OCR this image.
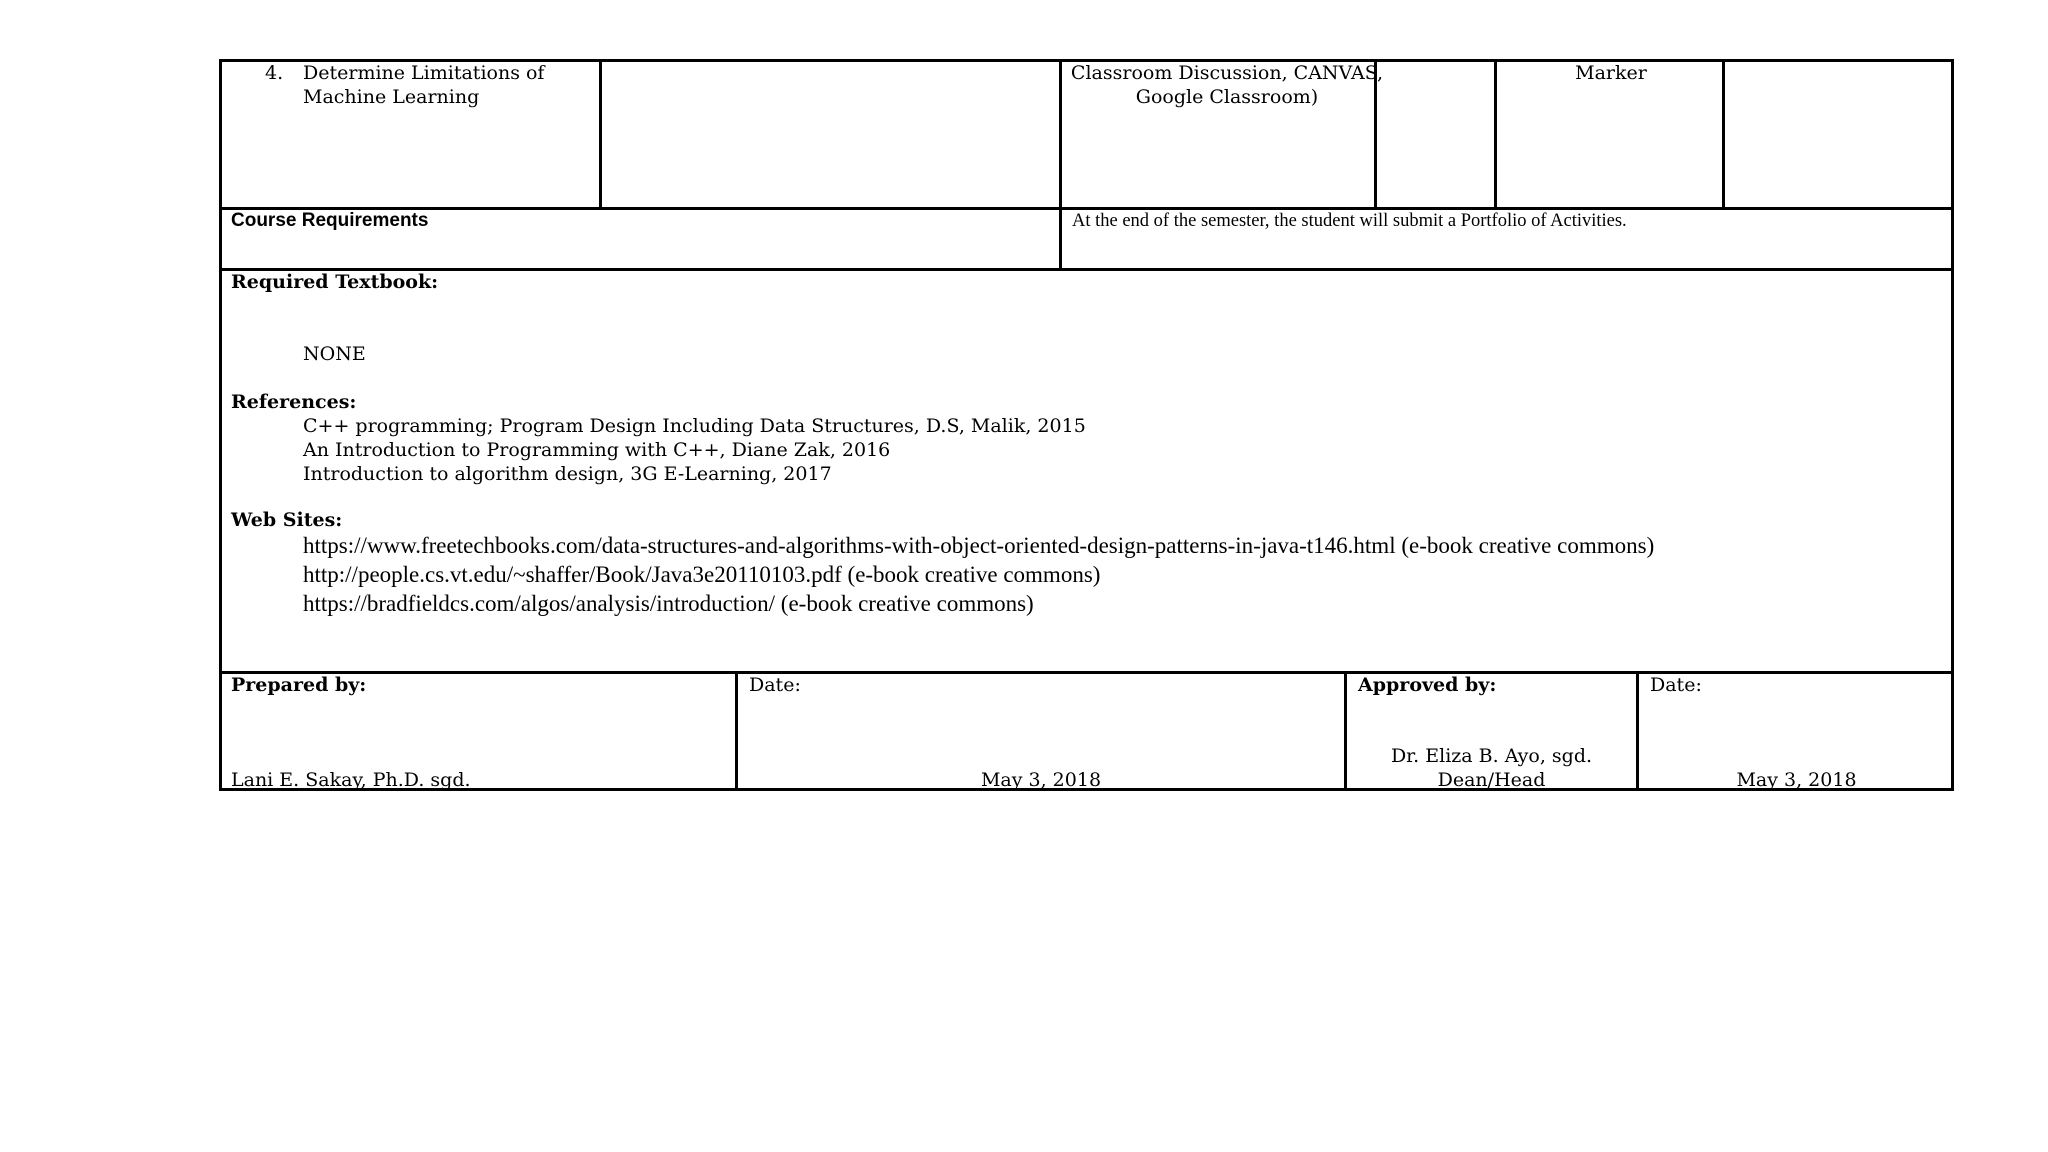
4. Determine Limitations of Machine Learning
Classroom Discussion, CANVAS, Google Classroom)
Marker
Course Requirements	At the end of the semester, the student will submit a Portfolio of Activities.
Required Textbook:
NONE
References:
C++ programming; Program Design Including Data Structures, D.S, Malik, 2015
An Introduction to Programming with C++, Diane Zak, 2016
Introduction to algorithm design, 3G E-Learning, 2017
Web Sites:
https://www.freetechbooks.com/data-structures-and-algorithms-with-object-oriented-design-patterns-in-java-t146.html (e-book creative commons)
http://people.cs.vt.edu/~shaffer/Book/Java3e20110103.pdf (e-book creative commons)
https://bradfieldcs.com/algos/analysis/introduction/ (e-book creative commons)
Prepared by:
Lani E. Sakay, Ph.D. sgd.
Date:
May 3, 2018
Approved by:
Dr. Eliza B. Ayo, sgd.
Dean/Head
Date:
May 3, 2018
